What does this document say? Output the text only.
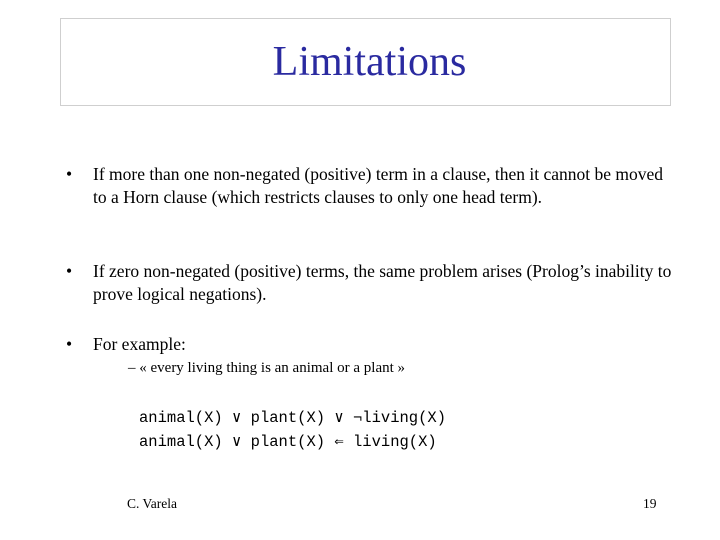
Limitations
•	If more than one non-negated (positive) term in a clause, then it cannot be moved to a Horn clause (which restricts clauses to only one head term).
•	If zero non-negated (positive) terms, the same problem arises (Prolog’s inability to prove logical negations).
•	For example:
– « every living thing is an animal or a plant »
animal(X) ∨ plant(X) ∨ ¬living(X)
animal(X) ∨ plant(X) ⇐ living(X)
C. Varela	19
